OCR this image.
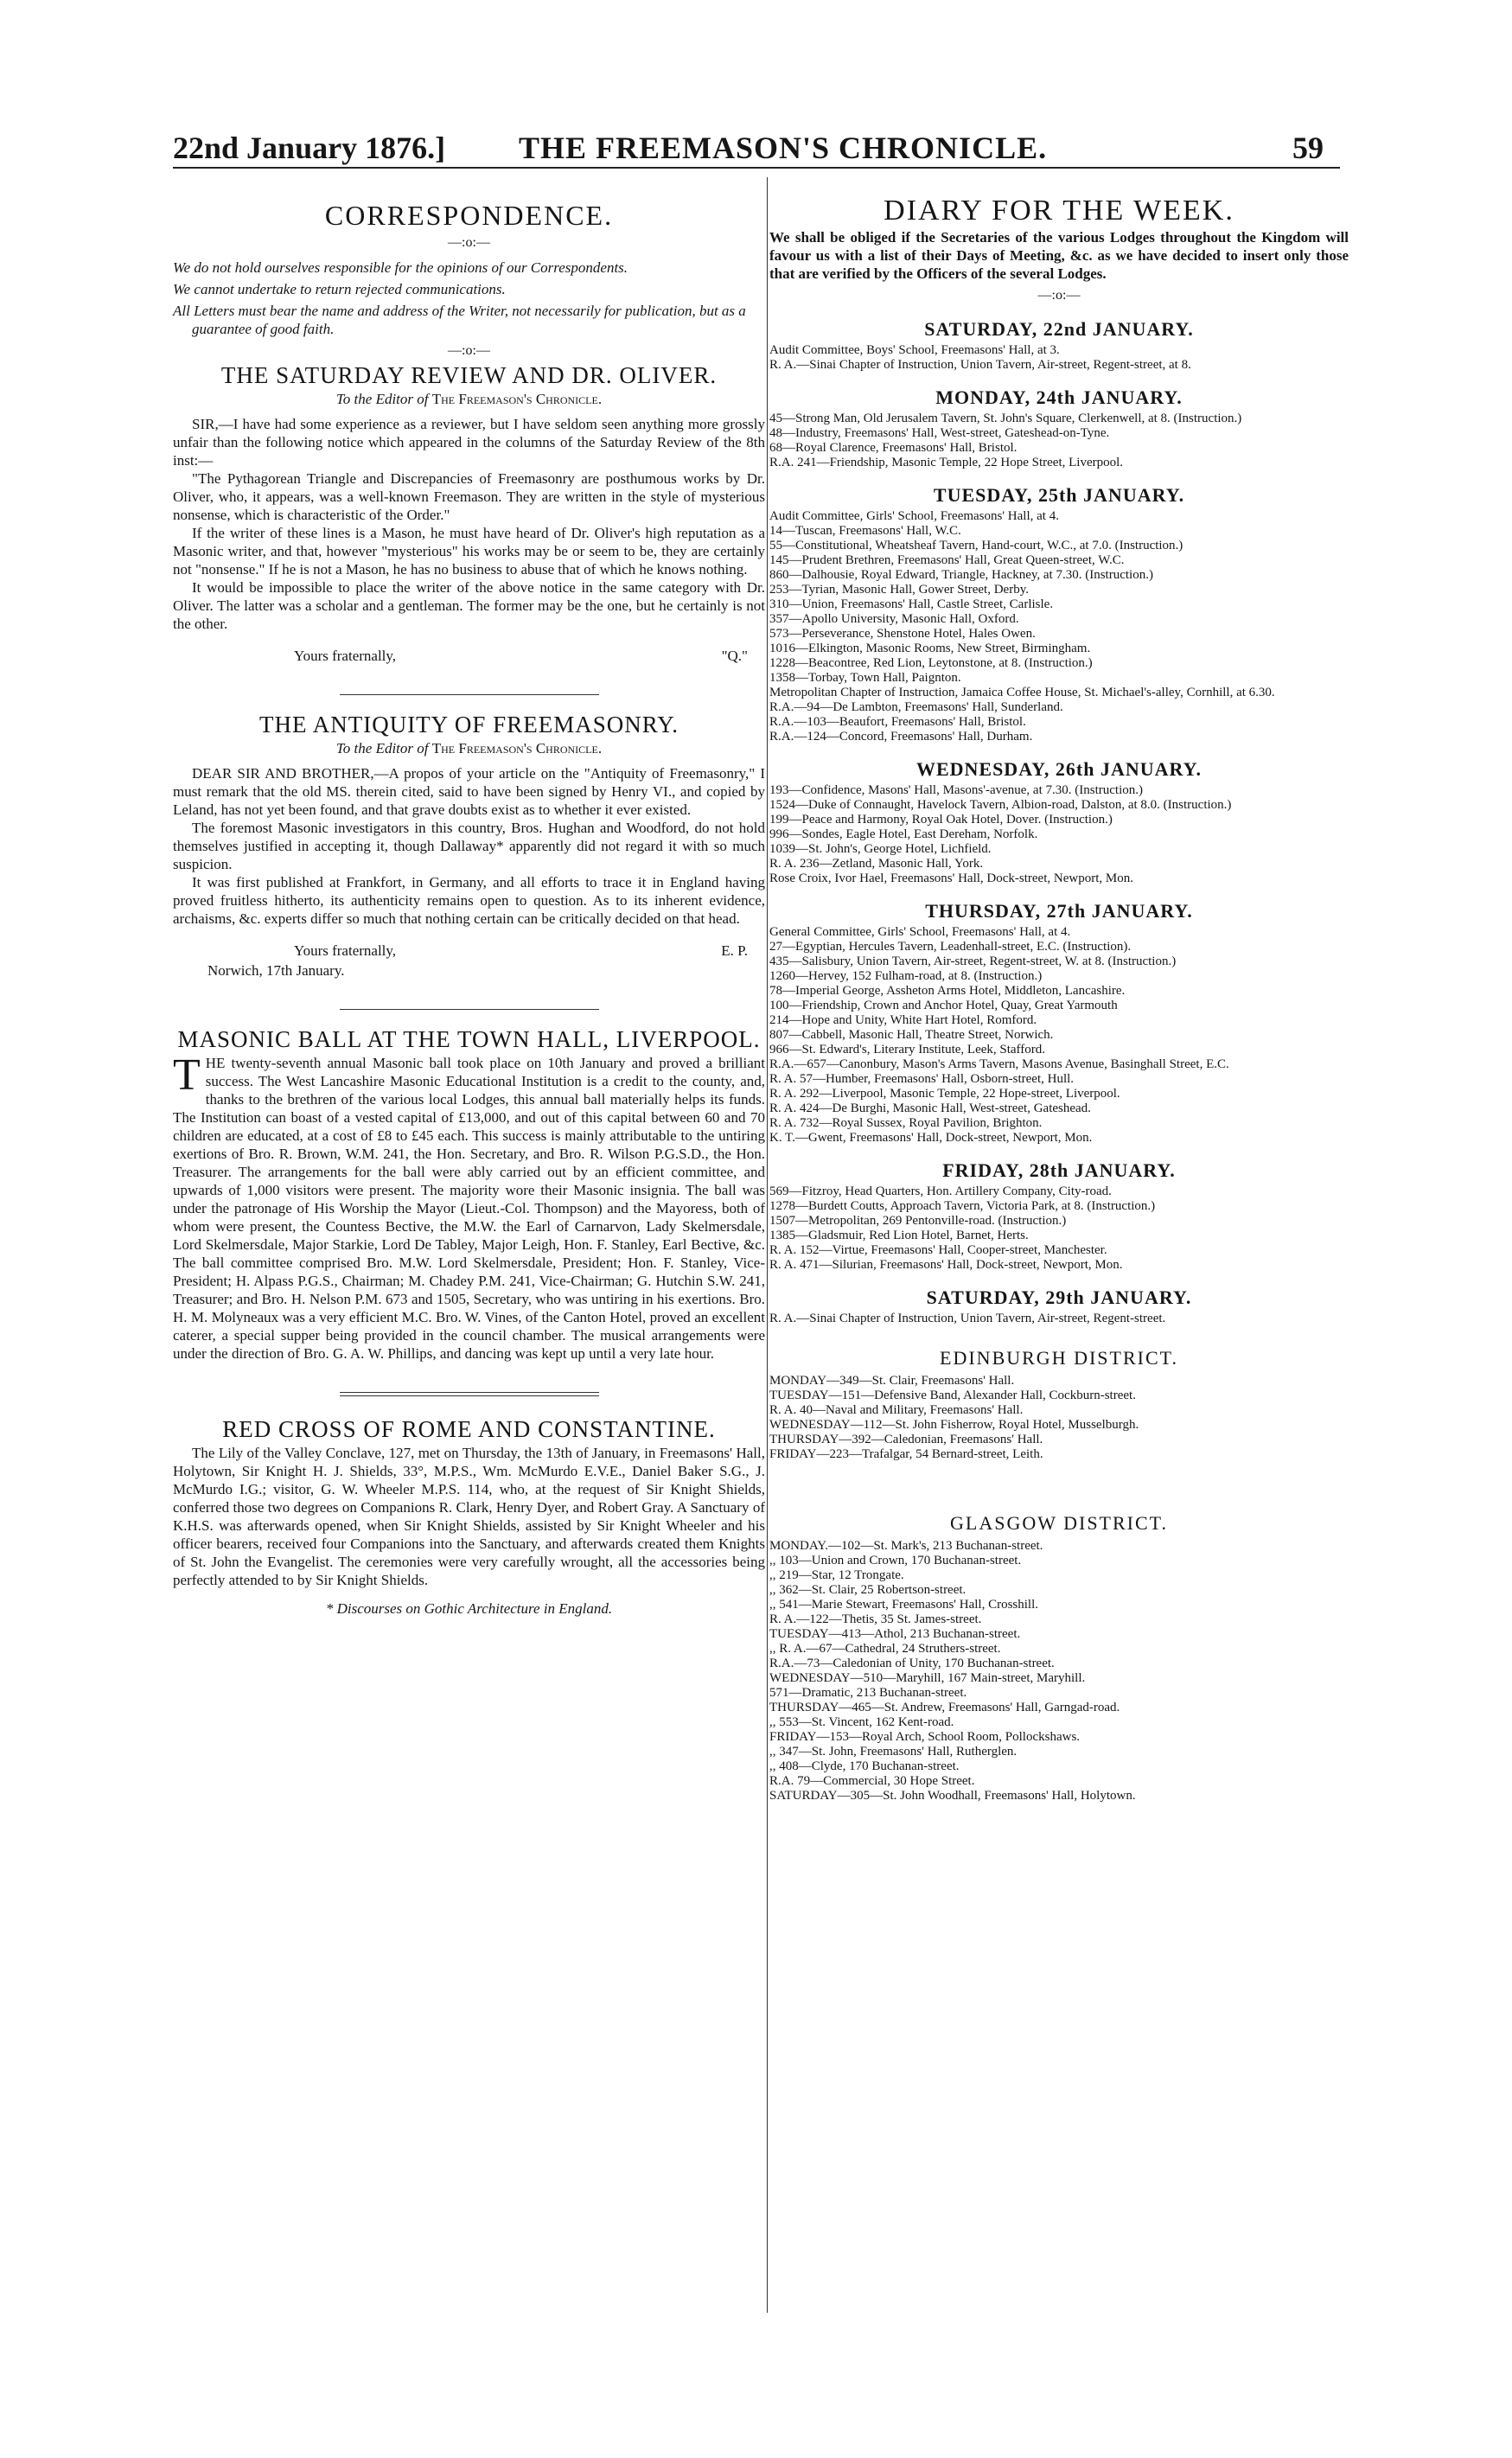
22nd January 1876.] THE FREEMASON'S CHRONICLE.	59
CORRESPONDENCE.
—:o:—
We do not hold ourselves responsible for the opinions of our Correspondents.
We cannot undertake to return rejected communications.
All Letters must bear the name and address of the Writer, not necessarily for publication, but as a guarantee of good faith.
—:o:—
THE SATURDAY REVIEW AND DR. OLIVER.
To the Editor of The Freemason's Chronicle.

SIR,—I have had some experience as a reviewer, but I have seldom seen anything more grossly unfair than the following notice which appeared in the columns of the Saturday Review of the 8th inst:—

"The Pythagorean Triangle and Discrepancies of Freemasonry are posthumous works by Dr. Oliver, who, it appears, was a well-known Freemason. They are written in the style of mysterious nonsense, which is characteristic of the Order."

If the writer of these lines is a Mason, he must have heard of Dr. Oliver's high reputation as a Masonic writer, and that, however "mysterious" his works may be or seem to be, they are certainly not "nonsense." If he is not a Mason, he has no business to abuse that of which he knows nothing.

It would be impossible to place the writer of the above notice in the same category with Dr. Oliver. The latter was a scholar and a gentleman. The former may be the one, but he certainly is not the other.

Yours fraternally,	"Q."
THE ANTIQUITY OF FREEMASONRY.
To the Editor of The Freemason's Chronicle.

DEAR SIR AND BROTHER,—A propos of your article on the "Antiquity of Freemasonry," I must remark that the old MS. therein cited, said to have been signed by Henry VI., and copied by Leland, has not yet been found, and that grave doubts exist as to whether it ever existed.

The foremost Masonic investigators in this country, Bros. Hughan and Woodford, do not hold themselves justified in accepting it, though Dallaway* apparently did not regard it with so much suspicion.

It was first published at Frankfort, in Germany, and all efforts to trace it in England having proved fruitless hitherto, its authenticity remains open to question. As to its inherent evidence, archaisms, &c. experts differ so much that nothing certain can be critically decided on that head.

Yours fraternally,	E. P.
Norwich, 17th January.
MASONIC BALL AT THE TOWN HALL, LIVERPOOL.

THE twenty-seventh annual Masonic ball took place on 10th January and proved a brilliant success. The West Lancashire Masonic Educational Institution is a credit to the county, and, thanks to the brethren of the various local Lodges, this annual ball materially helps its funds. The Institution can boast of a vested capital of £13,000, and out of this capital between 60 and 70 children are educated, at a cost of £8 to £45 each. This success is mainly attributable to the untiring exertions of Bro. R. Brown, W.M. 241, the Hon. Secretary, and Bro. R. Wilson P.G.S.D., the Hon. Treasurer. The arrangements for the ball were ably carried out by an efficient committee, and upwards of 1,000 visitors were present. The majority wore their Masonic insignia. The ball was under the patronage of His Worship the Mayor (Lieut.-Col. Thompson) and the Mayoress, both of whom were present, the Countess Bective, the M.W. the Earl of Carnarvon, Lady Skelmersdale, Lord Skelmersdale, Major Starkie, Lord De Tabley, Major Leigh, Hon. F. Stanley, Earl Bective, &c. The ball committee comprised Bro. M.W. Lord Skelmersdale, President; Hon. F. Stanley, Vice-President; H. Alpass P.G.S., Chairman; M. Chadey P.M. 241, Vice-Chairman; G. Hutchin S.W. 241, Treasurer; and Bro. H. Nelson P.M. 673 and 1505, Secretary, who was untiring in his exertions. Bro. H. M. Molyneaux was a very efficient M.C. Bro. W. Vines, of the Canton Hotel, proved an excellent caterer, a special supper being provided in the council chamber. The musical arrangements were under the direction of Bro. G. A. W. Phillips, and dancing was kept up until a very late hour.

RED CROSS OF ROME AND CONSTANTINE.

The Lily of the Valley Conclave, 127, met on Thursday, the 13th of January, in Freemasons' Hall, Holytown, Sir Knight H. J. Shields, 33°, M.P.S., Wm. McMurdo E.V.E., Daniel Baker S.G., J. McMurdo I.G.; visitor, G. W. Wheeler M.P.S. 114, who, at the request of Sir Knight Shields, conferred those two degrees on Companions R. Clark, Henry Dyer, and Robert Gray. A Sanctuary of K.H.S. was afterwards opened, when Sir Knight Shields, assisted by Sir Knight Wheeler and his officer bearers, received four Companions into the Sanctuary, and afterwards created them Knights of St. John the Evangelist. The ceremonies were very carefully wrought, all the accessories being perfectly attended to by Sir Knight Shields.

* Discourses on Gothic Architecture in England.
DIARY FOR THE WEEK.
We shall be obliged if the Secretaries of the various Lodges throughout the Kingdom will favour us with a list of their Days of Meeting, &c. as we have decided to insert only those that are verified by the Officers of the several Lodges.
—:o:—
SATURDAY, 22nd JANUARY.
Audit Committee, Boys' School, Freemasons' Hall, at 3.
R. A.—Sinai Chapter of Instruction, Union Tavern, Air-street, Regent-street, at 8.
MONDAY, 24th JANUARY.
45—Strong Man, Old Jerusalem Tavern, St. John's Square, Clerkenwell, at 8. (Instruction.)
48—Industry, Freemasons' Hall, West-street, Gateshead-on-Tyne.
68—Royal Clarence, Freemasons' Hall, Bristol.
R.A. 241—Friendship, Masonic Temple, 22 Hope Street, Liverpool.
TUESDAY, 25th JANUARY.
Audit Committee, Girls' School, Freemasons' Hall, at 4.
14—Tuscan, Freemasons' Hall, W.C.
55—Constitutional, Wheatsheaf Tavern, Hand-court, W.C., at 7.0. (Instruction.)
145—Prudent Brethren, Freemasons' Hall, Great Queen-street, W.C.
860—Dalhousie, Royal Edward, Triangle, Hackney, at 7.30. (Instruction.)
253—Tyrian, Masonic Hall, Gower Street, Derby.
310—Union, Freemasons' Hall, Castle Street, Carlisle.
357—Apollo University, Masonic Hall, Oxford.
573—Perseverance, Shenstone Hotel, Hales Owen.
1016—Elkington, Masonic Rooms, New Street, Birmingham.
1228—Beacontree, Red Lion, Leytonstone, at 8. (Instruction.)
1358—Torbay, Town Hall, Paignton.
Metropolitan Chapter of Instruction, Jamaica Coffee House, St. Michael's-alley, Cornhill, at 6.30.
R.A.—94—De Lambton, Freemasons' Hall, Sunderland.
R.A.—103—Beaufort, Freemasons' Hall, Bristol.
R.A.—124—Concord, Freemasons' Hall, Durham.
WEDNESDAY, 26th JANUARY.
193—Confidence, Masons' Hall, Masons'-avenue, at 7.30. (Instruction.)
1524—Duke of Connaught, Havelock Tavern, Albion-road, Dalston, at 8.0. (Instruction.)
199—Peace and Harmony, Royal Oak Hotel, Dover. (Instruction.)
996—Sondes, Eagle Hotel, East Dereham, Norfolk.
1039—St. John's, George Hotel, Lichfield.
R. A. 236—Zetland, Masonic Hall, York.
Rose Croix, Ivor Hael, Freemasons' Hall, Dock-street, Newport, Mon.
THURSDAY, 27th JANUARY.
General Committee, Girls' School, Freemasons' Hall, at 4.
27—Egyptian, Hercules Tavern, Leadenhall-street, E.C. (Instruction).
435—Salisbury, Union Tavern, Air-street, Regent-street, W. at 8. (Instruction.)
1260—Hervey, 152 Fulham-road, at 8. (Instruction.)
78—Imperial George, Assheton Arms Hotel, Middleton, Lancashire.
100—Friendship, Crown and Anchor Hotel, Quay, Great Yarmouth
214—Hope and Unity, White Hart Hotel, Romford.
807—Cabbell, Masonic Hall, Theatre Street, Norwich.
966—St. Edward's, Literary Institute, Leek, Stafford.
R.A.—657—Canonbury, Mason's Arms Tavern, Masons Avenue, Basinghall Street, E.C.
R. A. 57—Humber, Freemasons' Hall, Osborn-street, Hull.
R. A. 292—Liverpool, Masonic Temple, 22 Hope-street, Liverpool.
R. A. 424—De Burghi, Masonic Hall, West-street, Gateshead.
R. A. 732—Royal Sussex, Royal Pavilion, Brighton.
K. T.—Gwent, Freemasons' Hall, Dock-street, Newport, Mon.
FRIDAY, 28th JANUARY.
569—Fitzroy, Head Quarters, Hon. Artillery Company, City-road.
1278—Burdett Coutts, Approach Tavern, Victoria Park, at 8. (Instruction.)
1507—Metropolitan, 269 Pentonville-road. (Instruction.)
1385—Gladsmuir, Red Lion Hotel, Barnet, Herts.
R. A. 152—Virtue, Freemasons' Hall, Cooper-street, Manchester.
R. A. 471—Silurian, Freemasons' Hall, Dock-street, Newport, Mon.
SATURDAY, 29th JANUARY.
R. A.—Sinai Chapter of Instruction, Union Tavern, Air-street, Regent-street.
EDINBURGH DISTRICT.
MONDAY—349—St. Clair, Freemasons' Hall.
TUESDAY—151—Defensive Band, Alexander Hall, Cockburn-street.
R. A. 40—Naval and Military, Freemasons' Hall.
WEDNESDAY—112—St. John Fisherrow, Royal Hotel, Musselburgh.
THURSDAY—392—Caledonian, Freemasons' Hall.
FRIDAY—223—Trafalgar, 54 Bernard-street, Leith.
GLASGOW DISTRICT.
MONDAY.—102—St. Mark's, 213 Buchanan-street.
,, 103—Union and Crown, 170 Buchanan-street.
,, 219—Star, 12 Trongate.
,, 362—St. Clair, 25 Robertson-street.
,, 541—Marie Stewart, Freemasons' Hall, Crosshill.
R. A.—122—Thetis, 35 St. James-street.
TUESDAY—413—Athol, 213 Buchanan-street.
,, R. A.—67—Cathedral, 24 Struthers-street.
R.A.—73—Caledonian of Unity, 170 Buchanan-street.
WEDNESDAY—510—Maryhill, 167 Main-street, Maryhill.
571—Dramatic, 213 Buchanan-street.
THURSDAY—465—St. Andrew, Freemasons' Hall, Garngad-road.
,, 553—St. Vincent, 162 Kent-road.
FRIDAY—153—Royal Arch, School Room, Pollockshaws.
,, 347—St. John, Freemasons' Hall, Rutherglen.
,, 408—Clyde, 170 Buchanan-street.
R.A. 79—Commercial, 30 Hope Street.
SATURDAY—305—St. John Woodhall, Freemasons' Hall, Holytown.
